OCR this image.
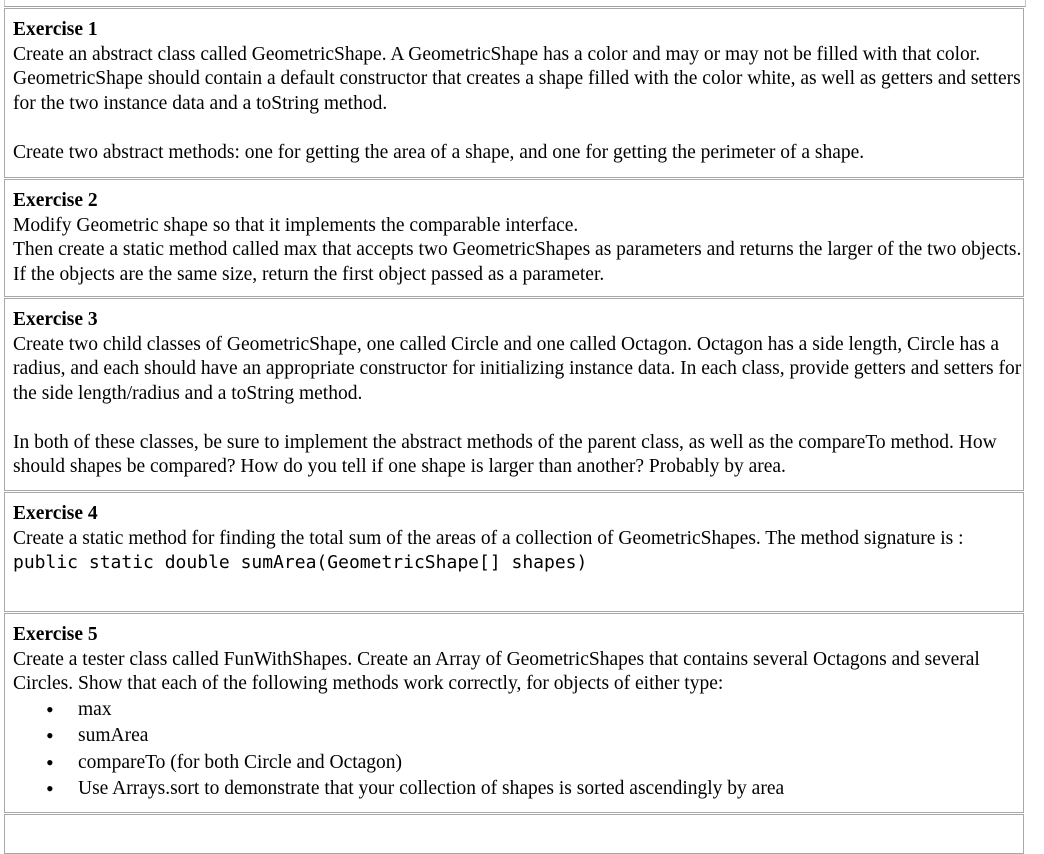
Exercise 1
Create an abstract class called GeometricShape. A GeometricShape has a color and may or may not be filled with that color. GeometricShape should contain a default constructor that creates a shape filled with the color white, as well as getters and setters for the two instance data and a toString method.
Create two abstract methods: one for getting the area of a shape, and one for getting the perimeter of a shape.
Exercise 2
Modify Geometric shape so that it implements the comparable interface.
Then create a static method called max that accepts two GeometricShapes as parameters and returns the larger of the two objects. If the objects are the same size, return the first object passed as a parameter.
Exercise 3
Create two child classes of GeometricShape, one called Circle and one called Octagon. Octagon has a side length, Circle has a radius, and each should have an appropriate constructor for initializing instance data. In each class, provide getters and setters for the side length/radius and a toString method.
In both of these classes, be sure to implement the abstract methods of the parent class, as well as the compareTo method. How should shapes be compared? How do you tell if one shape is larger than another? Probably by area.
Exercise 4
Create a static method for finding the total sum of the areas of a collection of GeometricShapes. The method signature is : public static double sumArea(GeometricShape[] shapes)
Exercise 5
Create a tester class called FunWithShapes. Create an Array of GeometricShapes that contains several Octagons and several Circles. Show that each of the following methods work correctly, for objects of either type:
• max
• sumArea
• compareTo (for both Circle and Octagon)
• Use Arrays.sort to demonstrate that your collection of shapes is sorted ascendingly by area
